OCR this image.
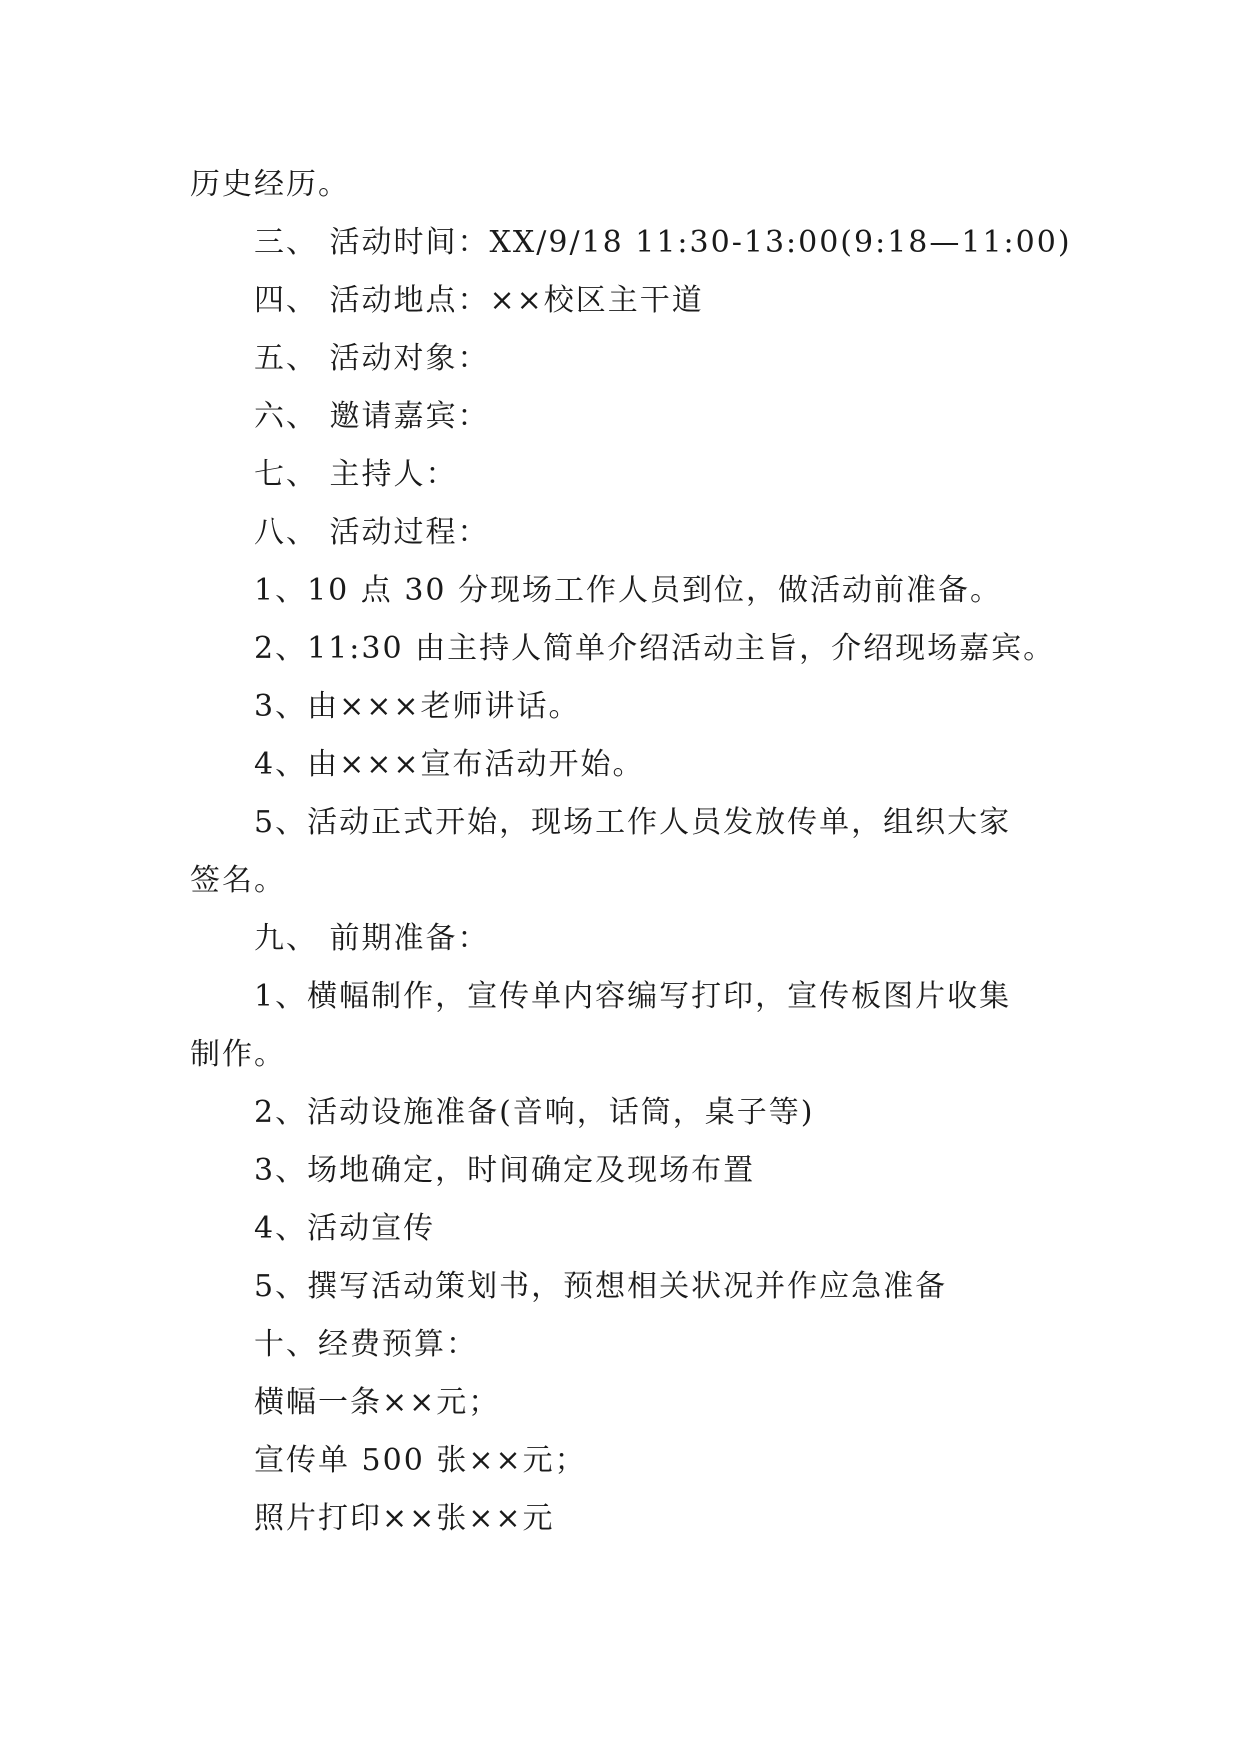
历史经历。
三、 活动时间：XX/9/18 11:30-13:00(9:18—11:00)
四、 活动地点：××校区主干道
五、 活动对象：
六、 邀请嘉宾：
七、 主持人：
八、 活动过程：
1、10 点 30 分现场工作人员到位，做活动前准备。
2、11:30 由主持人简单介绍活动主旨，介绍现场嘉宾。
3、由×××老师讲话。
4、由×××宣布活动开始。
5、活动正式开始，现场工作人员发放传单，组织大家
签名。
九、 前期准备：
1、横幅制作，宣传单内容编写打印，宣传板图片收集
制作。
2、活动设施准备(音响，话筒，桌子等)
3、场地确定，时间确定及现场布置
4、活动宣传
5、撰写活动策划书，预想相关状况并作应急准备
十、经费预算：
横幅一条××元；
宣传单 500 张××元；
照片打印××张××元
